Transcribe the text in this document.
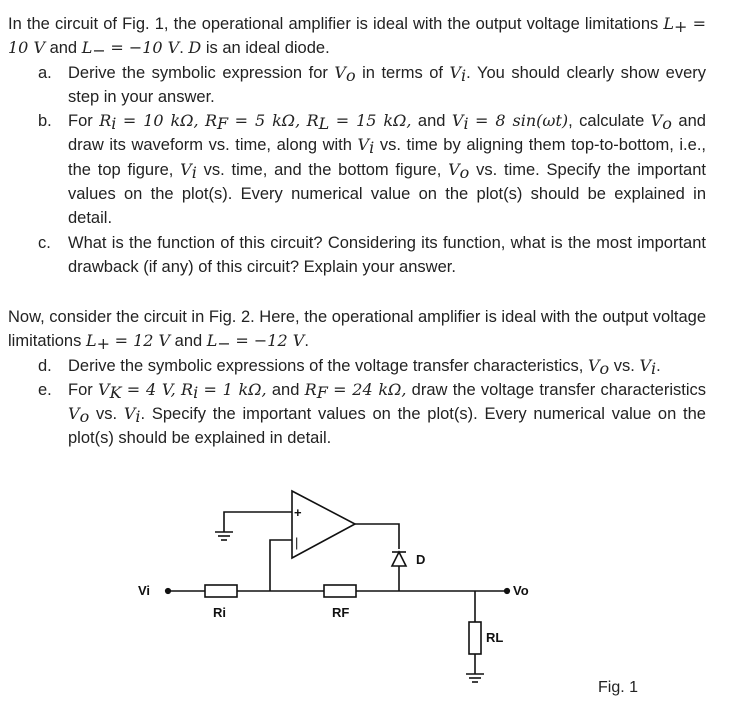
In the circuit of Fig. 1, the operational amplifier is ideal with the output voltage limitations $L_+ = 10$ V and $L_- = -10$ V. D is an ideal diode.

a. Derive the symbolic expression for $V_o$ in terms of $V_i$. You should clearly show every step in your answer.
b. For $R_i = 10$ kΩ, $R_F = 5$ kΩ, $R_L = 15$ kΩ, and $V_i = 8$ sin(ωt), calculate $V_o$ and draw its waveform vs. time, along with $V_i$ vs. time by aligning them top-to-bottom, i.e., the top figure, $V_i$ vs. time, and the bottom figure, $V_o$ vs. time. Specify the important values on the plot(s). Every numerical value on the plot(s) should be explained in detail.
c. What is the function of this circuit? Considering its function, what is the most important drawback (if any) of this circuit? Explain your answer.

Now, consider the circuit in Fig. 2. Here, the operational amplifier is ideal with the output voltage limitations $L_+ = 12$ V and $L_- = -12$ V.

d. Derive the symbolic expressions of the voltage transfer characteristics, $V_o$ vs. $V_i$.
e. For $V_K = 4$ V, $R_i = 1$ kΩ, and $R_F = 24$ kΩ, draw the voltage transfer characteristics $V_o$ vs. $V_i$. Specify the important values on the plot(s). Every numerical value on the plot(s) should be explained in detail.
+
|
Vi	Vo
Ri	RF
RL
D
Fig. 1
